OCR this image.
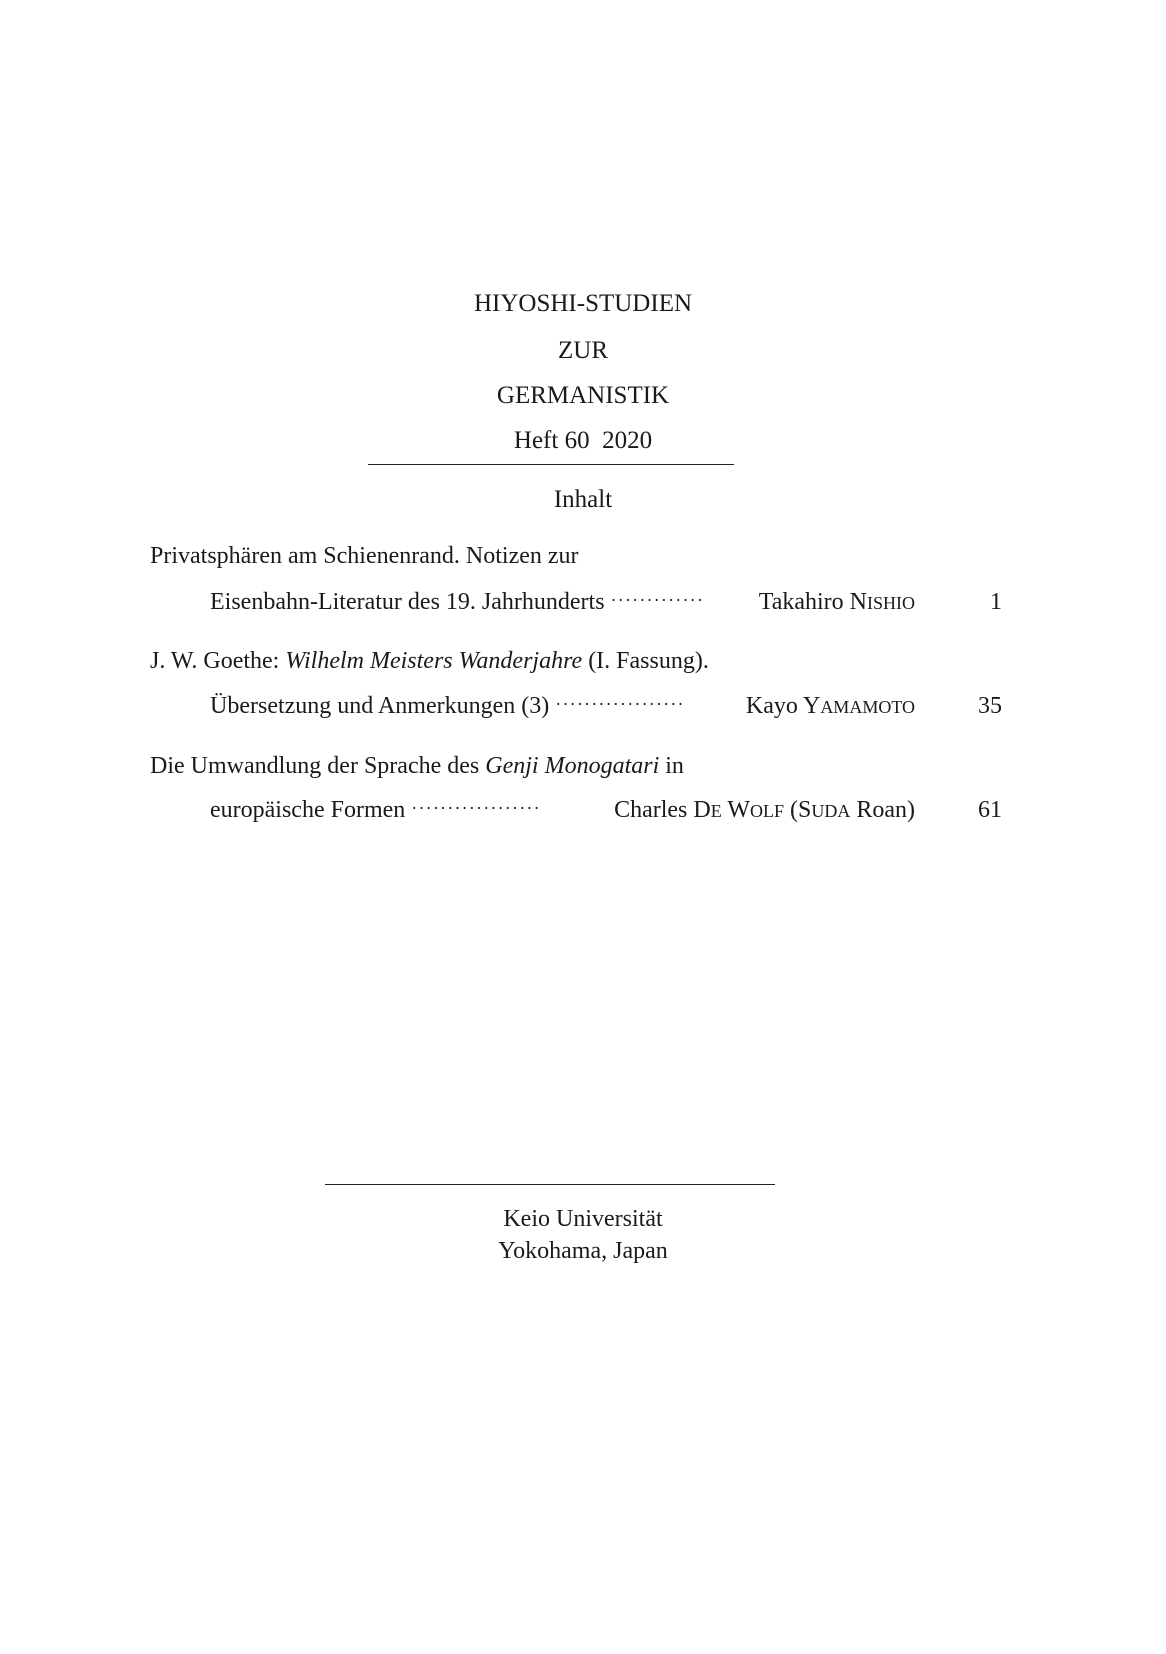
HIYOSHI-STUDIEN
ZUR
GERMANISTIK
Heft 60  2020
Inhalt
Privatsphären am Schienenrand. Notizen zur
Eisenbahn-Literatur des 19. Jahrhunderts ············· Takahiro NISHIO	1
J. W. Goethe: Wilhelm Meisters Wanderjahre (I. Fassung).
Übersetzung und Anmerkungen (3) ··················	Kayo YAMAMOTO	35
Die Umwandlung der Sprache des Genji Monogatari in
europäische Formen ··················	Charles DE WOLF (SUDA Roan)	61
Keio Universität
Yokohama, Japan
